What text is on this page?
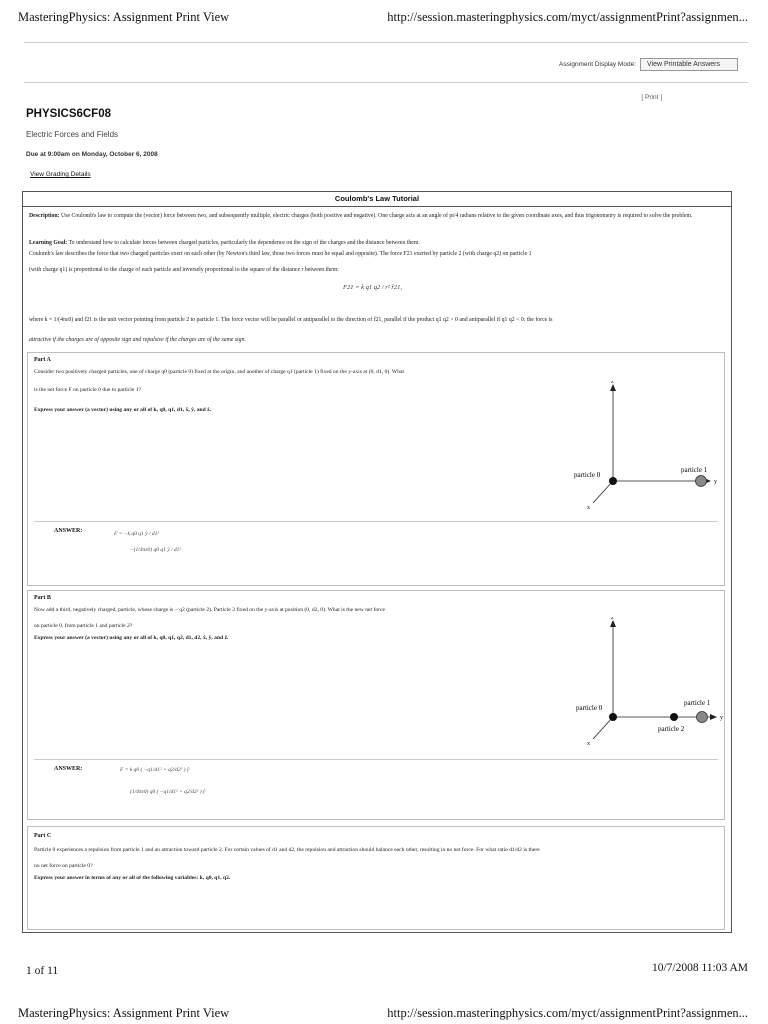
MasteringPhysics: Assignment Print View	http://session.masteringphysics.com/myct/assignmentPrint?assignmen...
Assignment Display Mode:	View Printable Answers
[ Print ]
PHYSICS6CF08
Electric Forces and Fields
Due at 9:00am on Monday, October 6, 2008
View Grading Details
Coulomb's Law Tutorial
Description: Use Coulomb's law to compute the (vector) force between two, and subsequently multiple, electric charges (both positive and negative). One charge acts at an angle of pi/4 radians relative to the given coordinate axes, and thus trigonometry is required to solve the problem.
Learning Goal: To understand how to calculate forces between charged particles, particularly the dependence on the sign of the charges and the distance between them.
Coulomb's law describes the force that two charged particles exert on each other (by Newton's third law, those two forces must be equal and opposite). The force F21 exerted by particle 2 (with charge q2) on particle 1
(with charge q1) is proportional to the charge of each particle and inversely proportional to the square of the distance r between them:
F21 = k q1 q2 / r² r̂21,
where k = 1/(4πε0) and r̂21 is the unit vector pointing from particle 2 to particle 1. The force vector will be parallel or antiparallel to the direction of r̂21, parallel if the product q1 q2 > 0 and antiparallel if q1 q2 < 0; the force is
attractive if the charges are of opposite sign and repulsive if the charges are of the same sign.
Part A
Consider two positively charged particles, one of charge q0 (particle 0) fixed at the origin, and another of charge q1 (particle 1) fixed on the y-axis at (0, d1, 0). What
is the net force F on particle 0 due to particle 1?
Express your answer (a vector) using any or all of k, q0, q1, d1, x̂, ŷ, and ẑ.
z
y
x
particle 0
particle 1
ANSWER:	F = −k q0 q1 ŷ / d1²
−(1/4πε0) q0 q1 ŷ / d1²
Part B
Now add a third, negatively charged, particle, whose charge is − q2 (particle 2). Particle 2 fixed on the y-axis at position (0, d2, 0). What is the new net force
on particle 0, from particle 1 and particle 2?
Express your answer (a vector) using any or all of k, q0, q1, q2, d1, d2, x̂, ŷ, and ẑ.
z
y
x
particle 0
particle 2
particle 1
ANSWER:	F = k q0 ( −q1/d1² + q2/d2² ) ŷ
(1/4πε0) q0 ( −q1/d1² + q2/d2² ) ŷ
Part C
Particle 0 experiences a repulsion from particle 1 and an attraction toward particle 2. For certain values of d1 and d2, the repulsion and attraction should balance each other, resulting in no net force. For what ratio d1/d2 is there
no net force on particle 0?
Express your answer in terms of any or all of the following variables: k, q0, q1, q2.
1 of 11	10/7/2008 11:03 AM
MasteringPhysics: Assignment Print View	http://session.masteringphysics.com/myct/assignmentPrint?assignmen...
